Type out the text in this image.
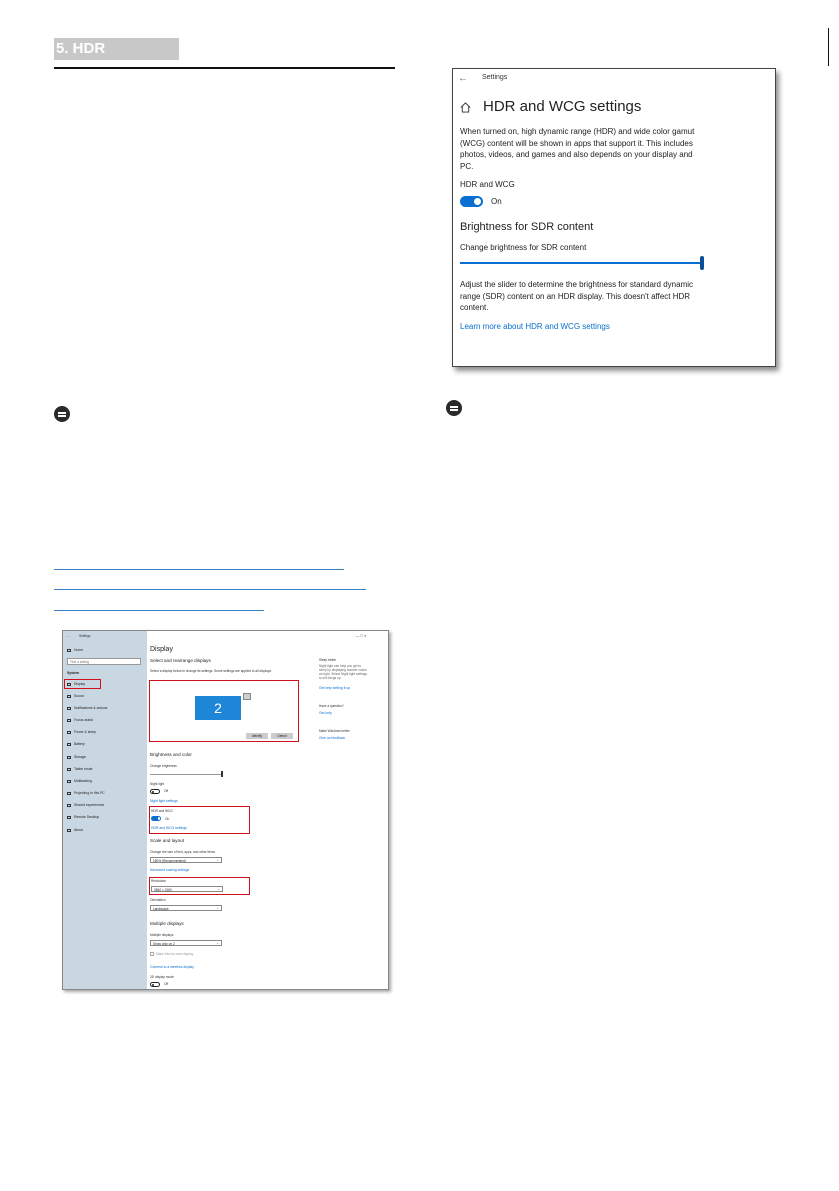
5. HDR
← Settings
HDR and WCG settings
When turned on, high dynamic range (HDR) and wide color gamut
(WCG) content will be shown in apps that support it. This includes
photos, videos, and games and also depends on your display and
PC.
HDR and WCG
On
Brightness for SDR content
Change brightness for SDR content
Adjust the slider to determine the brightness for standard dynamic
range (SDR) content on an HDR display. This doesn't affect HDR
content.
Learn more about HDR and WCG settings
←	Settings	— ☐ ✕
Home
Find a setting
System
Display
Sound
Notifications & actions
Focus assist
Power & sleep
Battery
Storage
Tablet mode
Multitasking
Projecting to this PC
Shared experiences
Remote Desktop
About
Display
Select and rearrange displays
Select a display below to change its settings. Some settings are applied to all displays.
2
Identify	Detect
Brightness and color
Change brightness
Night light
Off
Night light settings
HDR and WCG
On
HDR and WCG settings
Scale and layout
Change the size of text, apps, and other items
150% (Recommended)	⌄
Advanced scaling settings
Resolution
3840 × 2160	⌄
Orientation
Landscape	⌄
Multiple displays
Multiple displays
Show only on 2	⌄
Make this my main display
Connect to a wireless display
3D display mode
Off
Sleep better
Night light can help you get to
sleep by displaying warmer colors
at night. Select Night light settings
to set things up.
Get help setting it up
Have a question?
Get help
Make Windows better
Give us feedback
